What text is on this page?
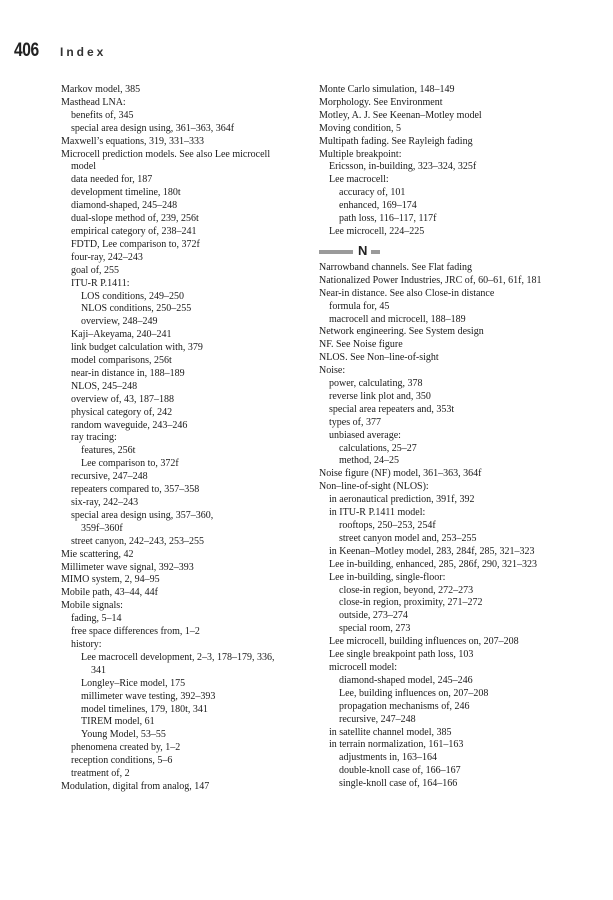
406	Index
Markov model, 385
Masthead LNA:
benefits of, 345
special area design using, 361–363, 364f
Maxwell’s equations, 319, 331–333
Microcell prediction models. See also Lee microcell
model
data needed for, 187
development timeline, 180t
diamond-shaped, 245–248
dual-slope method of, 239, 256t
empirical category of, 238–241
FDTD, Lee comparison to, 372f
four-ray, 242–243
goal of, 255
ITU-R P.1411:
LOS conditions, 249–250
NLOS conditions, 250–255
overview, 248–249
Kaji–Akeyama, 240–241
link budget calculation with, 379
model comparisons, 256t
near-in distance in, 188–189
NLOS, 245–248
overview of, 43, 187–188
physical category of, 242
random waveguide, 243–246
ray tracing:
features, 256t
Lee comparison to, 372f
recursive, 247–248
repeaters compared to, 357–358
six-ray, 242–243
special area design using, 357–360,
359f–360f
street canyon, 242–243, 253–255
Mie scattering, 42
Millimeter wave signal, 392–393
MIMO system, 2, 94–95
Mobile path, 43–44, 44f
Mobile signals:
fading, 5–14
free space differences from, 1–2
history:
Lee macrocell development, 2–3, 178–179, 336,
341
Longley–Rice model, 175
millimeter wave testing, 392–393
model timelines, 179, 180t, 341
TIREM model, 61
Young Model, 53–55
phenomena created by, 1–2
reception conditions, 5–6
treatment of, 2
Modulation, digital from analog, 147
Monte Carlo simulation, 148–149
Morphology. See Environment
Motley, A. J. See Keenan–Motley model
Moving condition, 5
Multipath fading. See Rayleigh fading
Multiple breakpoint:
Ericsson, in-building, 323–324, 325f
Lee macrocell:
accuracy of, 101
enhanced, 169–174
path loss, 116–117, 117f
Lee microcell, 224–225
N
Narrowband channels. See Flat fading
Nationalized Power Industries, JRC of, 60–61, 61f, 181
Near-in distance. See also Close-in distance
formula for, 45
macrocell and microcell, 188–189
Network engineering. See System design
NF. See Noise figure
NLOS. See Non–line-of-sight
Noise:
power, calculating, 378
reverse link plot and, 350
special area repeaters and, 353t
types of, 377
unbiased average:
calculations, 25–27
method, 24–25
Noise figure (NF) model, 361–363, 364f
Non–line-of-sight (NLOS):
in aeronautical prediction, 391f, 392
in ITU-R P.1411 model:
rooftops, 250–253, 254f
street canyon model and, 253–255
in Keenan–Motley model, 283, 284f, 285, 321–323
Lee in-building, enhanced, 285, 286f, 290, 321–323
Lee in-building, single-floor:
close-in region, beyond, 272–273
close-in region, proximity, 271–272
outside, 273–274
special room, 273
Lee microcell, building influences on, 207–208
Lee single breakpoint path loss, 103
microcell model:
diamond-shaped model, 245–246
Lee, building influences on, 207–208
propagation mechanisms of, 246
recursive, 247–248
in satellite channel model, 385
in terrain normalization, 161–163
adjustments in, 163–164
double-knoll case of, 166–167
single-knoll case of, 164–166
